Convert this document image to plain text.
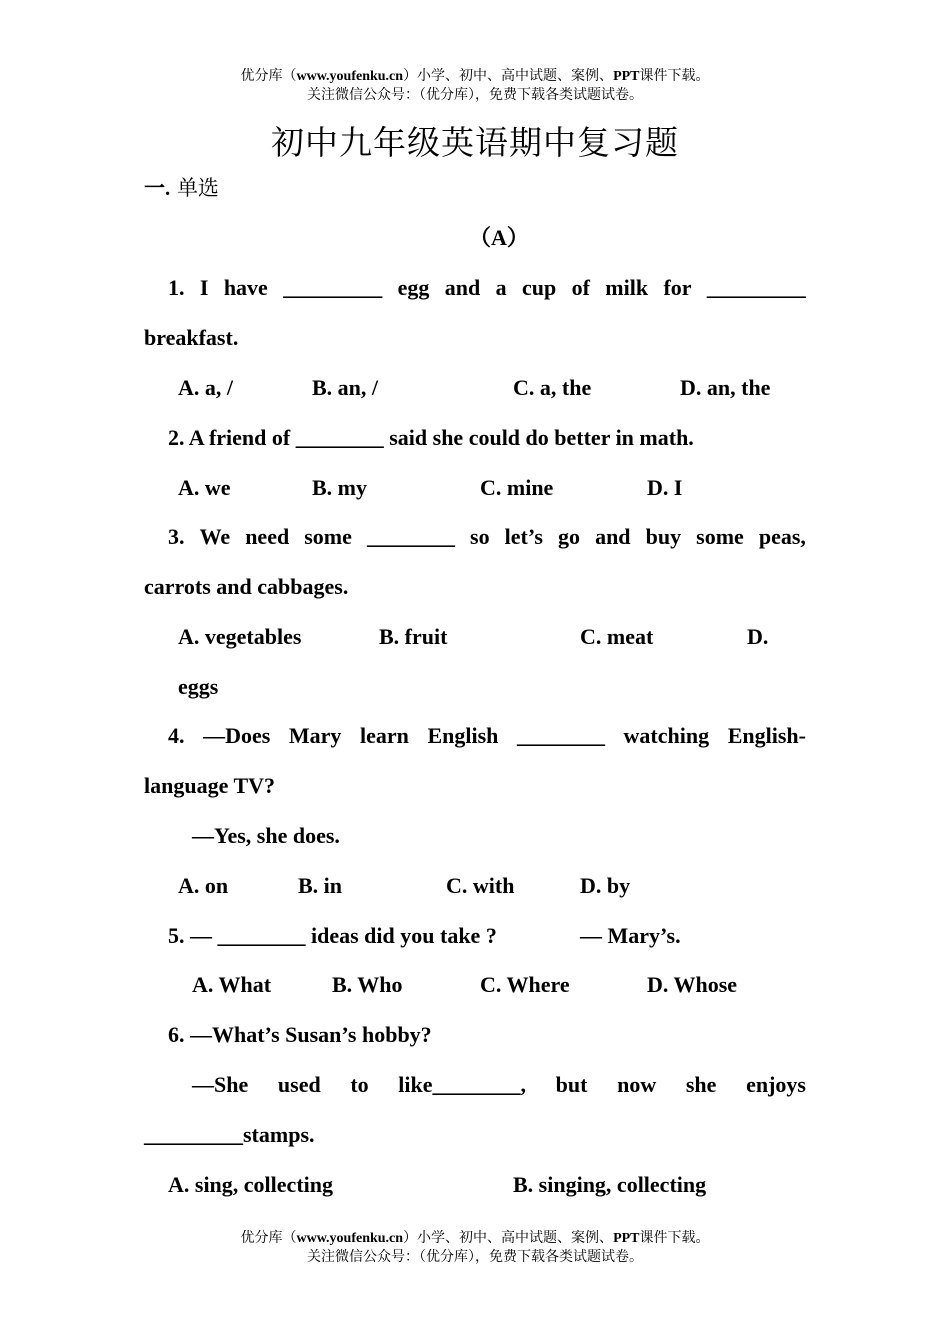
优分库（www.youfenku.cn）小学、初中、高中试题、案例、PPT课件下载。
关注微信公众号：（优分库），免费下载各类试题试卷。
初中九年级英语期中复习题
一. 单选
（A）
1. I have _________ egg and a cup of milk for _________
breakfast.
A. a, /	B. an, /	C. a, the	D. an, the
2. A friend of ________ said she could do better in math.
A. we	B. my	C. mine	D. I
3. We need some ________ so let’s go and buy some peas,
carrots and cabbages.
A. vegetables	B. fruit	C. meat	D.
eggs
4. —Does Mary learn English ________ watching English-
language TV?
—Yes, she does.
A. on	B. in	C. with	D. by
5. — ________ ideas did you take ?	— Mary’s.
A. What	B. Who	C. Where	D. Whose
6. —What’s Susan’s hobby?
—She used to like________, but now she enjoys
_________stamps.
A. sing, collecting	B. singing, collecting
优分库（www.youfenku.cn）小学、初中、高中试题、案例、PPT课件下载。
关注微信公众号：（优分库），免费下载各类试题试卷。
